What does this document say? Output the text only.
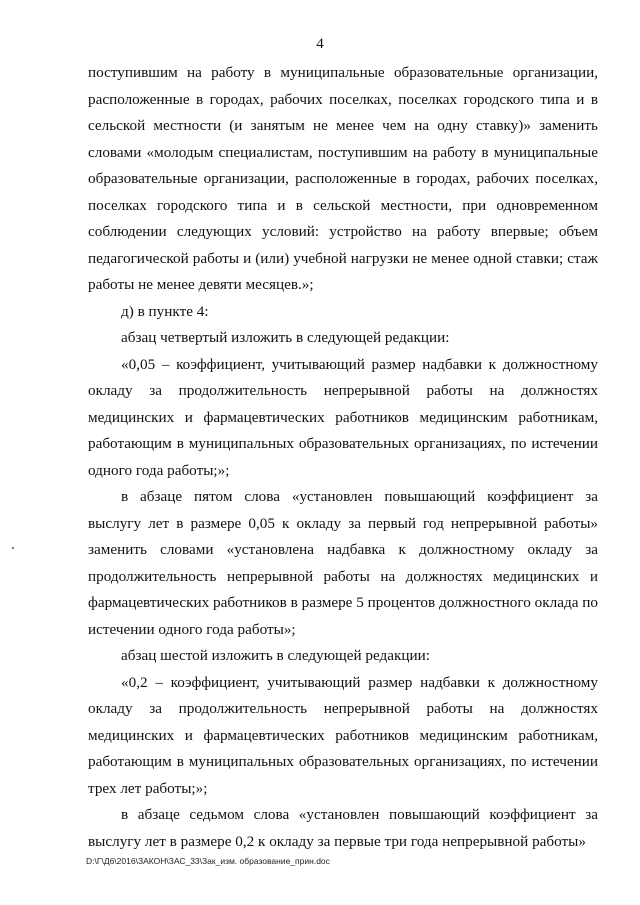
4

поступившим на работу в муниципальные образовательные организации, расположенные в городах, рабочих поселках, поселках городского типа и в сельской местности (и занятым не менее чем на одну ставку)» заменить словами «молодым специалистам, поступившим на работу в муниципальные образовательные организации, расположенные в городах, рабочих поселках, поселках городского типа и в сельской местности, при одновременном соблюдении следующих условий: устройство на работу впервые; объем педагогической работы и (или) учебной нагрузки не менее одной ставки; стаж работы не менее девяти месяцев.»;

д) в пункте 4:

абзац четвертый изложить в следующей редакции:

«0,05 – коэффициент, учитывающий размер надбавки к должностному окладу за продолжительность непрерывной работы на должностях медицинских и фармацевтических работников медицинским работникам, работающим в муниципальных образовательных организациях, по истечении одного года работы;»;

в абзаце пятом слова «установлен повышающий коэффициент за выслугу лет в размере 0,05 к окладу за первый год непрерывной работы» заменить словами «установлена надбавка к должностному окладу за продолжительность непрерывной работы на должностях медицинских и фармацевтических работников в размере 5 процентов должностного оклада по истечении одного года работы»;

абзац шестой изложить в следующей редакции:

«0,2 – коэффициент, учитывающий размер надбавки к должностному окладу за продолжительность непрерывной работы на должностях медицинских и фармацевтических работников медицинским работникам, работающим в муниципальных образовательных организациях, по истечении трех лет работы;»;

в абзаце седьмом слова «установлен повышающий коэффициент за выслугу лет в размере 0,2 к окладу за первые три года непрерывной работы»

D:\Г\Д6\2016\ЗАКОН\ЗАС_33\Зак_изм. образование_прин.doc
